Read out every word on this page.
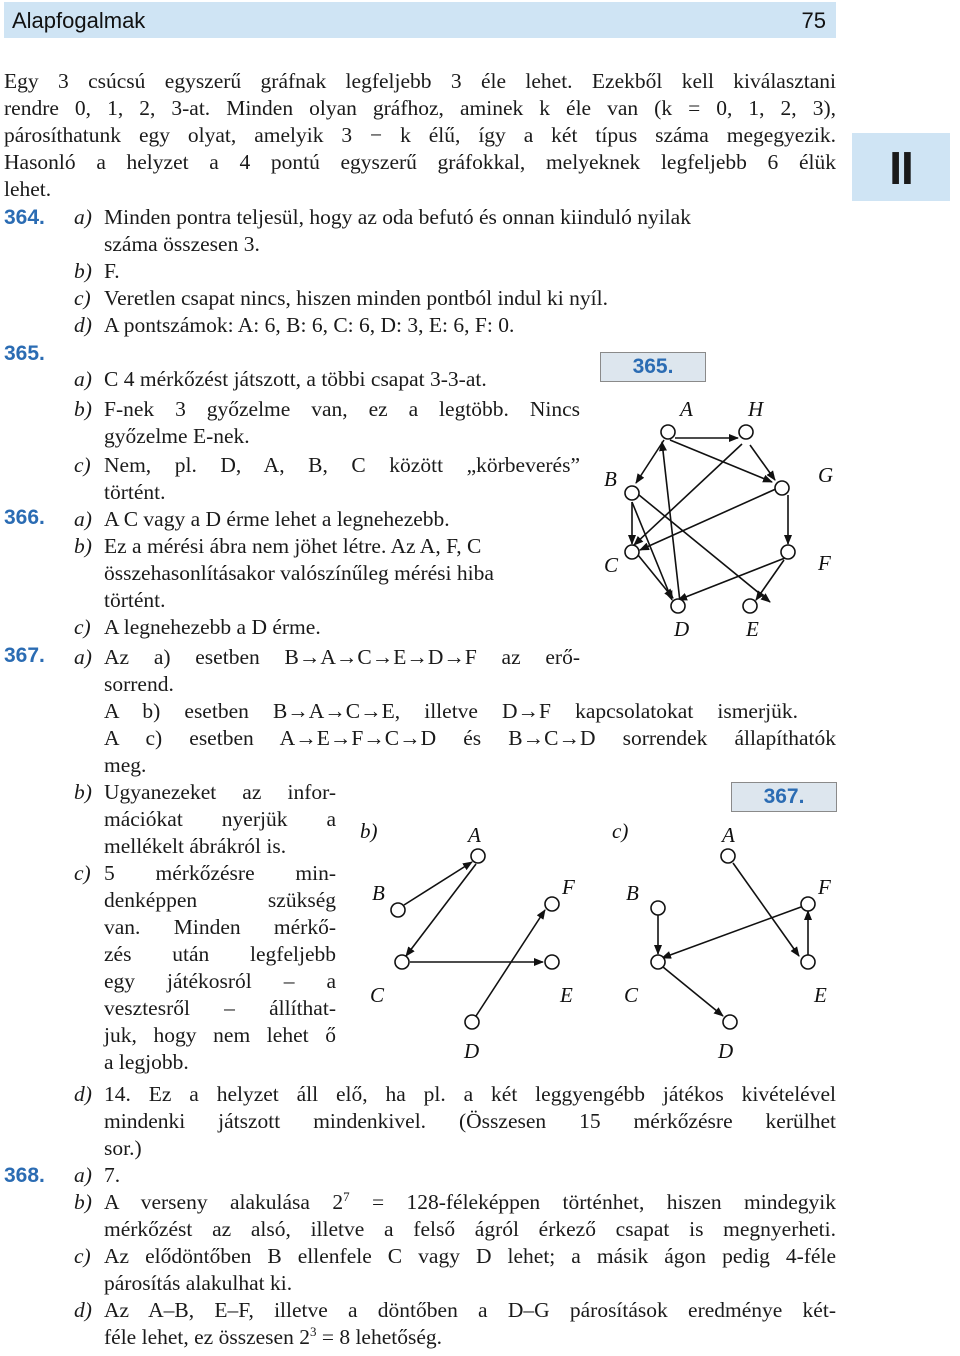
Alapfogalmak	75
II
Egy 3 csúcsú egyszerű gráfnak legfeljebb 3 éle lehet. Ezekből kell kiválasztani
rendre 0, 1, 2, 3-at. Minden olyan gráfhoz, aminek k éle van (k = 0, 1, 2, 3),
párosíthatunk egy olyat, amelyik 3 − k élű, így a két típus száma megegyezik.
Hasonló a helyzet a 4 pontú egyszerű gráfokkal, melyeknek legfeljebb 6 élük
lehet.
364. a) Minden pontra teljesül, hogy az oda befutó és onnan kiinduló nyilak
száma összesen 3.
b) F.
c) Veretlen csapat nincs, hiszen minden pontból indul ki nyíl.
d) A pontszámok: A: 6, B: 6, C: 6, D: 3, E: 6, F: 0.
365.
a) C 4 mérkőzést játszott, a többi csapat 3-3-at.
b) F-nek 3 győzelme van, ez a legtöbb. Nincs
győzelme E-nek.
c) Nem, pl. D, A, B, C között „körbeverés”
történt.
365.
A	H
B	G
C	F
D	E
366. a) A C vagy a D érme lehet a legnehezebb.
b) Ez a mérési ábra nem jöhet létre. Az A, F, C
összehasonlításakor valószínűleg mérési hiba
történt.
c) A legnehezebb a D érme.
367. a) Az a) esetben B→A→C→E→D→F az erő-
sorrend.
A b) esetben B→A→C→E, illetve D→F kapcsolatokat ismerjük.
A c) esetben A→E→F→C→D és B→C→D sorrendek állapíthatók
meg.
b) Ugyanezeket az infor-
mációkat nyerjük a
mellékelt ábrákról is.
c) 5 mérkőzésre min-
denképpen szükség
van. Minden mérkő-
zés után legfeljebb
egy játékosról – a
vesztesről – állíthat-
juk, hogy nem lehet ő
a legjobb.
367.
b)	c)
A
B	F
C	E
D
A
B	F
C	E
D
d) 14. Ez a helyzet áll elő, ha pl. a két leggyengébb játékos kivételével
mindenki játszott mindenkivel. (Összesen 15 mérkőzésre kerülhet
sor.)
368. a) 7.
b) A verseny alakulása $2^7$ = 128-féleképpen történhet, hiszen mindegyik
mérkőzést az alsó, illetve a felső ágról érkező csapat is megnyerheti.
c) Az elődöntőben B ellenfele C vagy D lehet; a másik ágon pedig 4-féle
párosítás alakulhat ki.
d) Az A–B, E–F, illetve a döntőben a D–G párosítások eredménye két-
féle lehet, ez összesen $2^3 = 8$ lehetőség.
